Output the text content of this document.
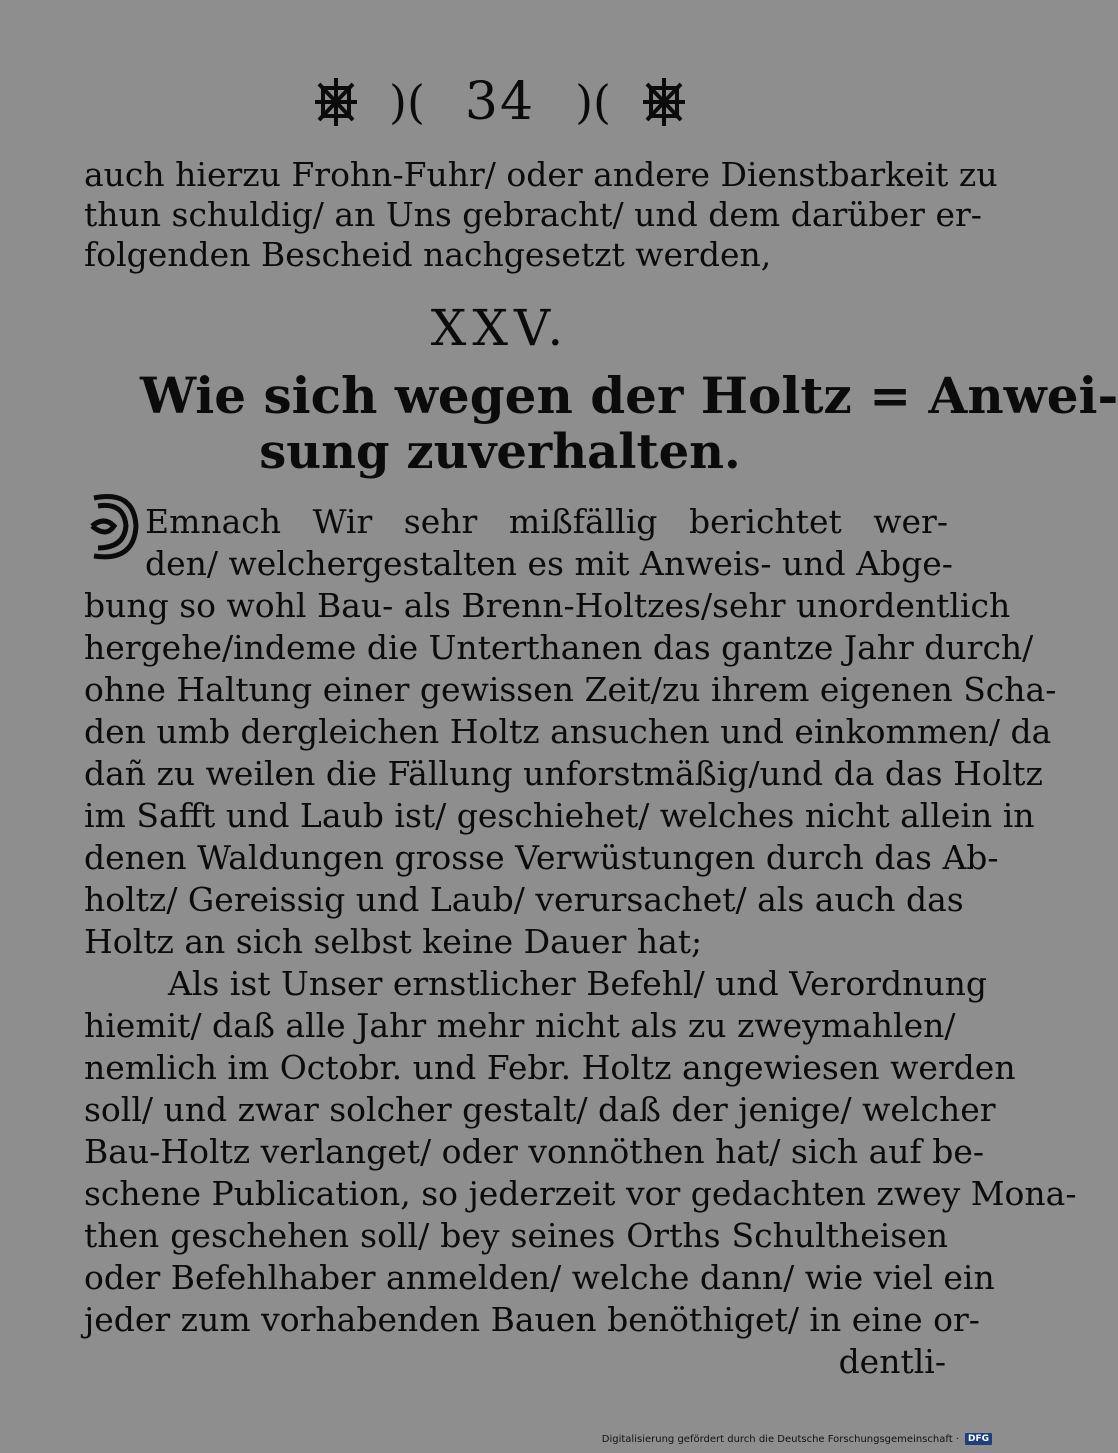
)( 34 )(
auch hierzu Frohn-Fuhr/ oder andere Dienstbarkeit zu
thun schuldig/ an Uns gebracht/ und dem darüber er-
folgenden Bescheid nachgesetzt werden,
XXV.
Wie sich wegen der Holtz = Anwei-
sung zuverhalten.
Emnach Wir sehr mißfällig berichtet wer-
den/ welchergestalten es mit Anweis- und Abge-
bung so wohl Bau- als Brenn-Holtzes/sehr unordentlich
hergehe/indeme die Unterthanen das gantze Jahr durch/
ohne Haltung einer gewissen Zeit/zu ihrem eigenen Scha-
den umb dergleichen Holtz ansuchen und einkommen/ da
dañ zu weilen die Fällung unforstmäßig/und da das Holtz
im Safft und Laub ist/ geschiehet/ welches nicht allein in
denen Waldungen grosse Verwüstungen durch das Ab-
holtz/ Gereissig und Laub/ verursachet/ als auch das
Holtz an sich selbst keine Dauer hat;
Als ist Unser ernstlicher Befehl/ und Verordnung
hiemit/ daß alle Jahr mehr nicht als zu zweymahlen/
nemlich im Octobr. und Febr. Holtz angewiesen werden
soll/ und zwar solcher gestalt/ daß der jenige/ welcher
Bau-Holtz verlanget/ oder vonnöthen hat/ sich auf be-
schene Publication, so jederzeit vor gedachten zwey Mona-
then geschehen soll/ bey seines Orths Schultheisen
oder Befehlhaber anmelden/ welche dann/ wie viel ein
jeder zum vorhabenden Bauen benöthiget/ in eine or-
dentli-
Digitalisierung gefördert durch die Deutsche Forschungsgemeinschaft ·	DFG
